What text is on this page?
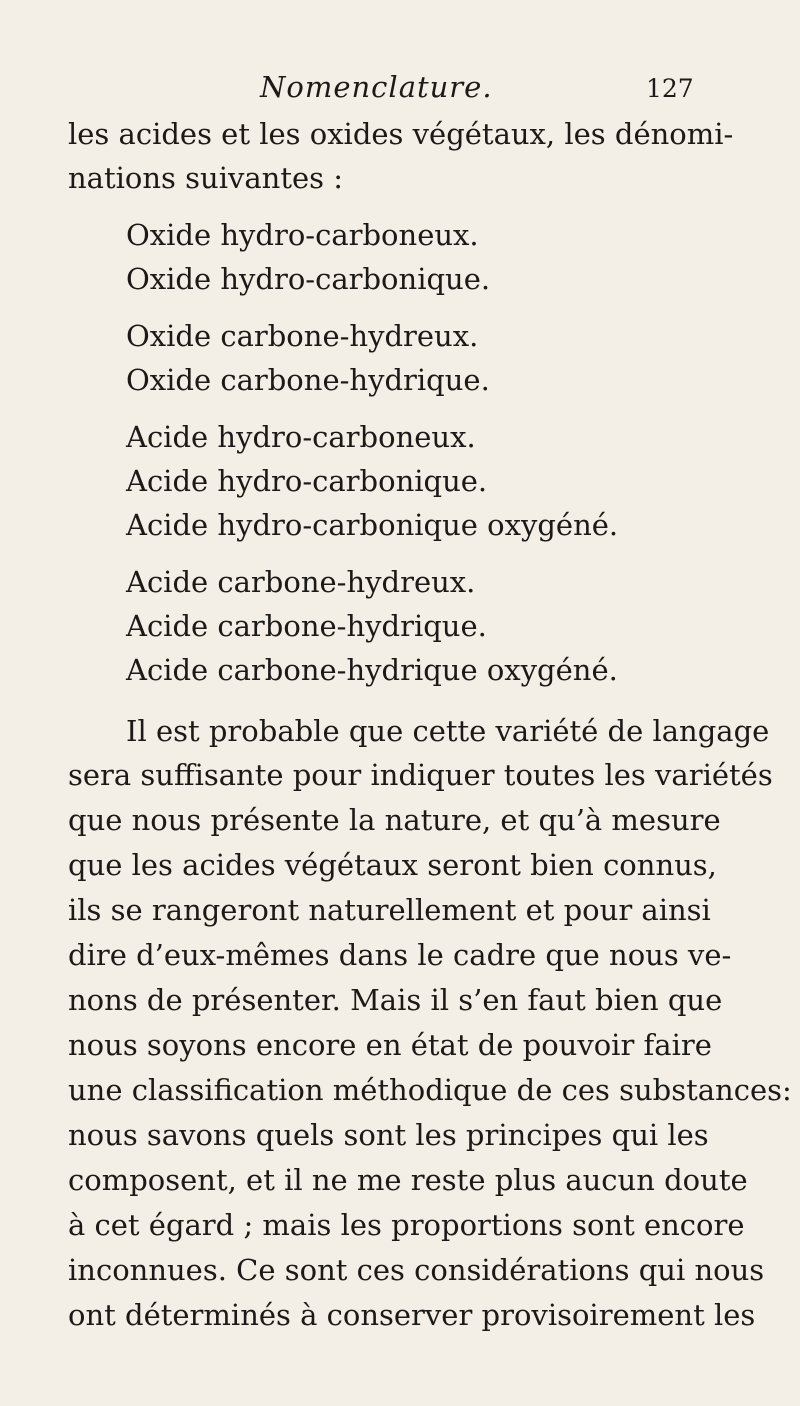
Nomenclature.	127
les acides et les oxides végétaux, les dénomi-
nations suivantes :
Oxide hydro-carboneux.
Oxide hydro-carbonique.
Oxide carbone-hydreux.
Oxide carbone-hydrique.
Acide hydro-carboneux.
Acide hydro-carbonique.
Acide hydro-carbonique oxygéné.
Acide carbone-hydreux.
Acide carbone-hydrique.
Acide carbone-hydrique oxygéné.
Il est probable que cette variété de langage
sera suffisante pour indiquer toutes les variétés
que nous présente la nature, et qu’à mesure
que les acides végétaux seront bien connus,
ils se rangeront naturellement et pour ainsi
dire d’eux-mêmes dans le cadre que nous ve-
nons de présenter. Mais il s’en faut bien que
nous soyons encore en état de pouvoir faire
une classification méthodique de ces substances:
nous savons quels sont les principes qui les
composent, et il ne me reste plus aucun doute
à cet égard ; mais les proportions sont encore
inconnues. Ce sont ces considérations qui nous
ont déterminés à conserver provisoirement les
